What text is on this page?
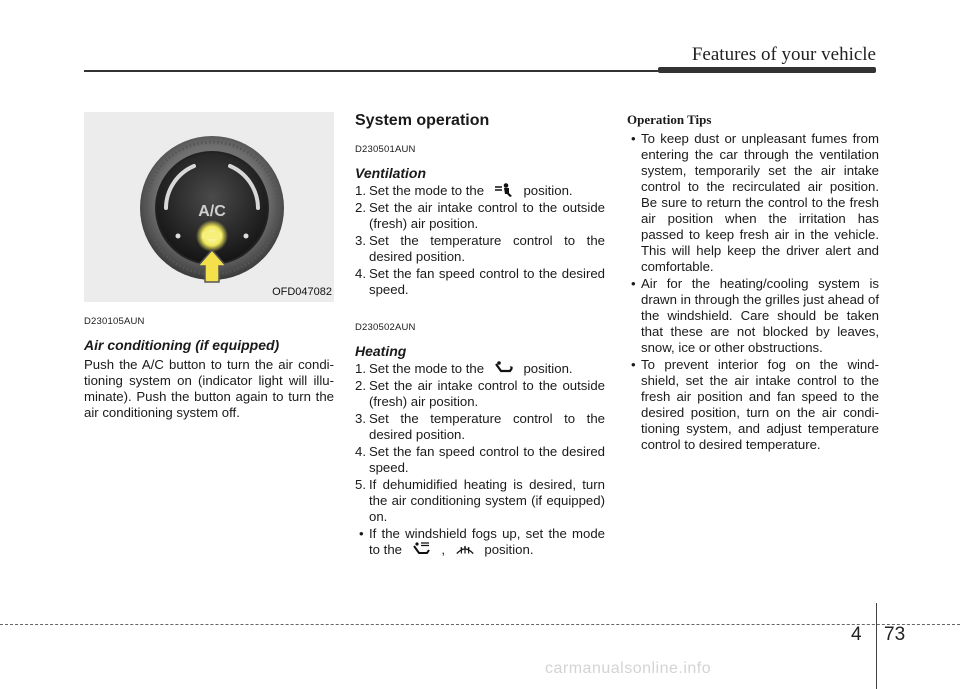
Features of your vehicle
A/C
OFD047082
D230105AUN
Air conditioning (if equipped)

Push the A/C button to turn the air condi-tioning system on (indicator light will illu-minate). Push the button again to turn the air conditioning system off.

System operation
D230501AUN
Ventilation
1. Set the mode to the	position.
2. Set the air intake control to the outside (fresh) air position.
3. Set the temperature control to the desired position.
4. Set the fan speed control to the desired speed.
D230502AUN
Heating
1. Set the mode to the	position.
2. Set the air intake control to the outside (fresh) air position.
3. Set the temperature control to the desired position.
4. Set the fan speed control to the desired speed.
5. If dehumidified heating is desired, turn the air conditioning system (if equipped) on.
• If the windshield fogs up, set the mode to the	,	position.
Operation Tips
• To keep dust or unpleasant fumes from entering the car through the ventilation system, temporarily set the air intake control to the recirculated air position. Be sure to return the control to the fresh air position when the irritation has passed to keep fresh air in the vehicle. This will help keep the driver alert and comfortable.
• Air for the heating/cooling system is drawn in through the grilles just ahead of the windshield. Care should be taken that these are not blocked by leaves, snow, ice or other obstructions.
• To prevent interior fog on the wind-shield, set the air intake control to the fresh air position and fan speed to the desired position, turn on the air condi-tioning system, and adjust temperature control to desired temperature.
4 73
carmanualsonline.info
